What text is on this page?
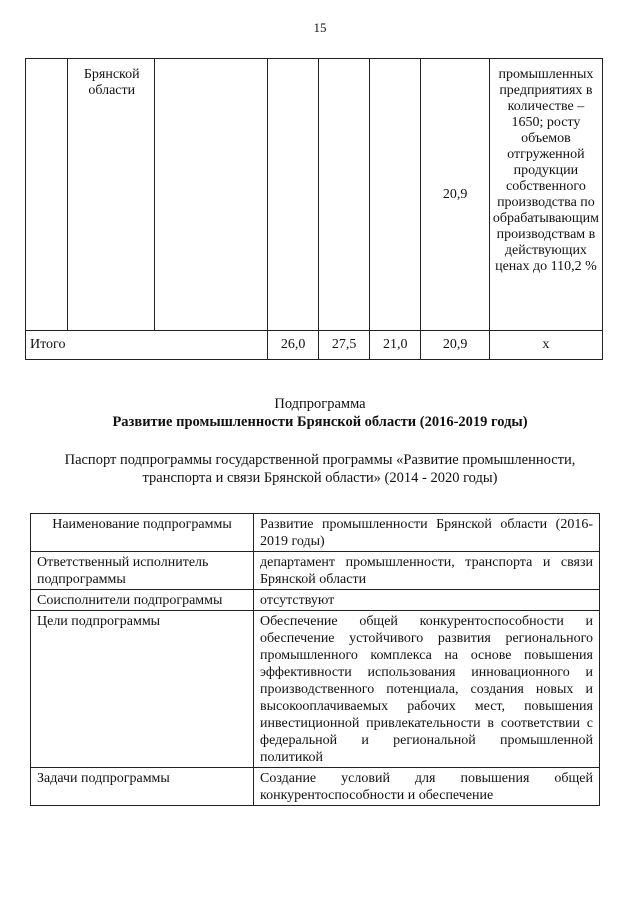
15
	Брянской области					20,9	промышленных предприятиях в количестве – 1650; росту объемов отгруженной продукции собственного производства по обрабатывающим производствам в действующих ценах до 110,2 %
Итого			26,0	27,5	21,0	20,9	x
Подпрограмма
Развитие промышленности Брянской области (2016-2019 годы)
Паспорт подпрограммы государственной программы «Развитие промышленности,
транспорта и связи Брянской области» (2014 - 2020 годы)
Наименование подпрограммы	Развитие промышленности Брянской области (2016-2019 годы)
Ответственный исполнитель подпрограммы	департамент промышленности, транспорта и связи Брянской области
Соисполнители подпрограммы	отсутствуют
Цели подпрограммы	Обеспечение общей конкурентоспособности и обеспечение устойчивого развития регионального промышленного комплекса на основе повышения эффективности использования инновационного и производственного потенциала, создания новых и высокооплачиваемых рабочих мест, повышения инвестиционной привлекательности в соответствии с федеральной и региональной промышленной политикой
Задачи подпрограммы	Создание условий для повышения общей конкурентоспособности и обеспечение
